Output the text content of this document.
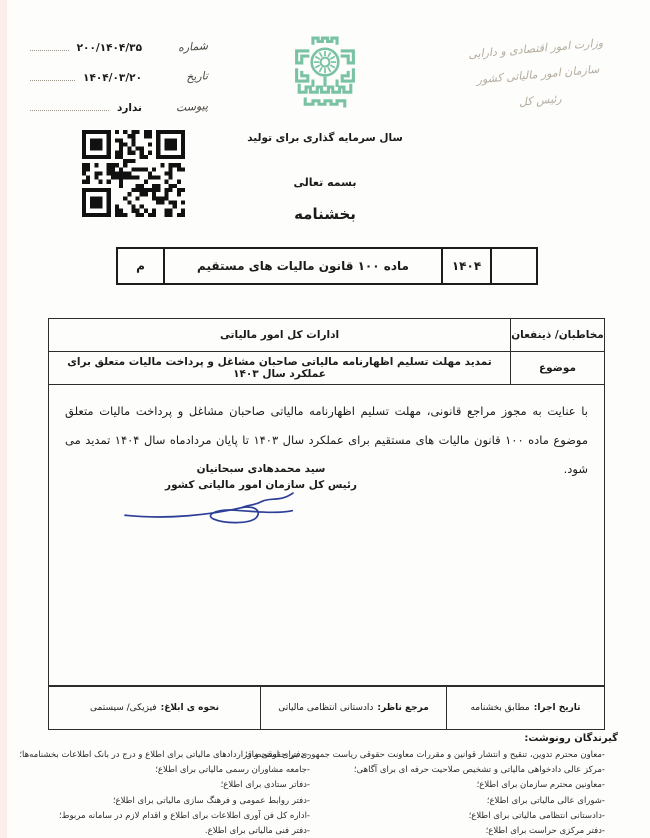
شماره
۲۰۰/۱۴۰۴/۳۵
تاریخ
۱۴۰۴/۰۳/۲۰
پیوست
ندارد
وزارت امور اقتصادی و دارایی
سازمان امور مالیاتی کشور
رئیس کل
سال سرمایه گذاری برای تولید
بسمه تعالی
بخشنامه
۱۴۰۴
ماده ۱۰۰ قانون مالیات های مستقیم
م
مخاطبان/ ذینفعان
ادارات کل امور مالیاتی
موضوع
تمدید مهلت تسلیم اظهارنامه مالیاتی صاحبان مشاغل و پرداخت مالیات متعلق برای عملکرد سال ۱۴۰۳
با عنایت به مجوز مراجع قانونی، مهلت تسلیم اظهارنامه مالیاتی صاحبان مشاغل و پرداخت مالیات متعلق موضوع ماده ۱۰۰ قانون مالیات های مستقیم برای عملکرد سال ۱۴۰۳ تا پایان مردادماه سال ۱۴۰۴ تمدید می شود.
سید محمدهادی سبحانیان
رئیس کل سازمان امور مالیاتی کشور
تاریخ اجرا:
مطابق بخشنامه
مرجع ناظر:
دادستانی انتظامی مالیاتی
نحوه ی ابلاغ:
فیزیکی/ سیستمی
گیرندگان رونوشت:
-معاون محترم تدوین، تنقیح و انتشار قوانین و مقررات معاونت حقوقی ریاست جمهوری برای استحضار؛
-مرکز عالی دادخواهی مالیاتی و تشخیص صلاحیت حرفه ای برای آگاهی؛
-معاونین محترم سازمان برای اطلاع؛
-شورای عالی مالیاتی برای اطلاع؛
-دادستانی انتظامی مالیاتی برای اطلاع؛
-دفتر مرکزی حراست برای اطلاع؛
- دفتر حقوقی و قراردادهای مالیاتی برای اطلاع و درج در بانک اطلاعات بخشنامه‌ها؛
-جامعه مشاوران رسمی مالیاتی برای اطلاع؛
-دفاتر ستادی برای اطلاع؛
-دفتر روابط عمومی و فرهنگ سازی مالیاتی برای اطلاع؛
-اداره کل فن آوری اطلاعات برای اطلاع و اقدام لازم در سامانه مربوط؛
-دفتر فنی مالیاتی برای اطلاع.
